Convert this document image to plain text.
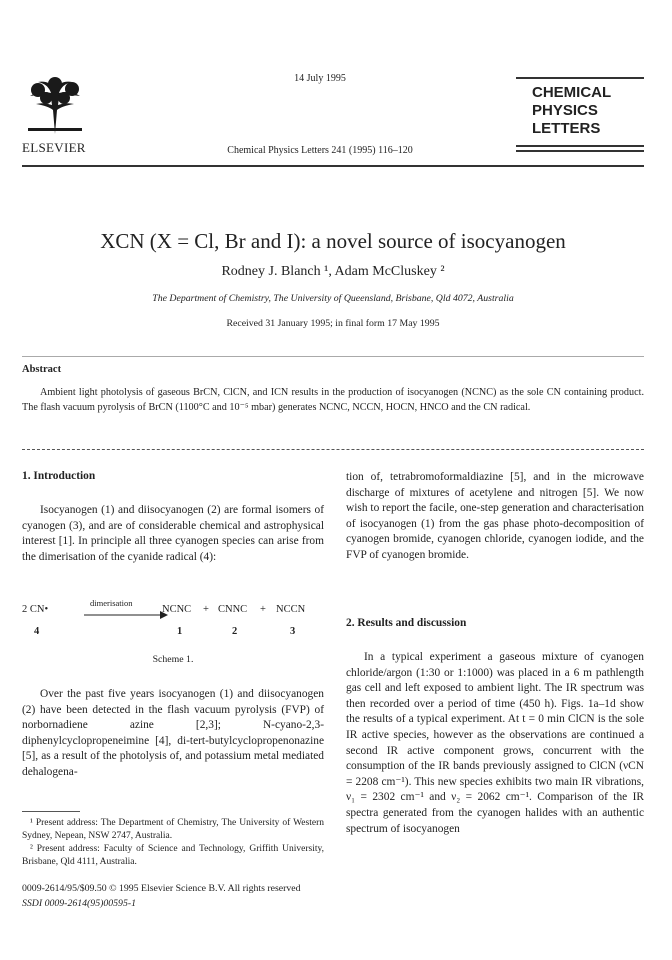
ELSEVIER
14 July 1995
Chemical Physics Letters 241 (1995) 116–120
CHEMICAL
PHYSICS
LETTERS
XCN (X = Cl, Br and I): a novel source of isocyanogen
Rodney J. Blanch ¹, Adam McCluskey ²
The Department of Chemistry, The University of Queensland, Brisbane, Qld 4072, Australia
Received 31 January 1995; in final form 17 May 1995
Abstract
Ambient light photolysis of gaseous BrCN, ClCN, and ICN results in the production of isocyanogen (NCNC) as the sole CN containing product. The flash vacuum pyrolysis of BrCN (1100°C and 10⁻⁵ mbar) generates NCNC, NCCN, HOCN, HNCO and the CN radical.
1. Introduction
Isocyanogen (1) and diisocyanogen (2) are formal isomers of cyanogen (3), and are of considerable chemical and astrophysical interest [1]. In principle all three cyanogen species can arise from the dimerisation of the cyanide radical (4):
2 CN•
dimerisation
NCNC + CNNC + NCCN
4	1	2	3
Scheme 1.
Over the past five years isocyanogen (1) and diisocyanogen (2) have been detected in the flash vacuum pyrolysis (FVP) of norbornadiene azine [2,3]; N-cyano-2,3-diphenylcyclopropeneimine [4], di-tert-butylcyclopropenonazine [5], as a result of the photolysis of, and potassium metal mediated dehalogena-
¹ Present address: The Department of Chemistry, The University of Western Sydney, Nepean, NSW 2747, Australia.
² Present address: Faculty of Science and Technology, Griffith University, Brisbane, Qld 4111, Australia.
tion of, tetrabromoformaldiazine [5], and in the microwave discharge of mixtures of acetylene and nitrogen [5]. We now wish to report the facile, one-step generation and characterisation of isocyanogen (1) from the gas phase photo-decomposition of cyanogen bromide, cyanogen chloride, cyanogen iodide, and the FVP of cyanogen bromide.
2. Results and discussion
In a typical experiment a gaseous mixture of cyanogen chloride/argon (1:30 or 1:1000) was placed in a 6 m pathlength gas cell and left exposed to ambient light. The IR spectrum was then recorded over a period of time (450 h). Figs. 1a–1d show the results of a typical experiment. At t = 0 min ClCN is the sole IR active species, however as the observations are continued a second IR active component grows, concurrent with the consumption of the IR bands previously assigned to ClCN (νCN = 2208 cm⁻¹). This new species exhibits two main IR vibrations, ν₁ = 2302 cm⁻¹ and ν₂ = 2062 cm⁻¹. Comparison of the IR spectra generated from the cyanogen halides with an authentic spectrum of isocyanogen
0009-2614/95/$09.50 © 1995 Elsevier Science B.V. All rights reserved
SSDI 0009-2614(95)00595-1
